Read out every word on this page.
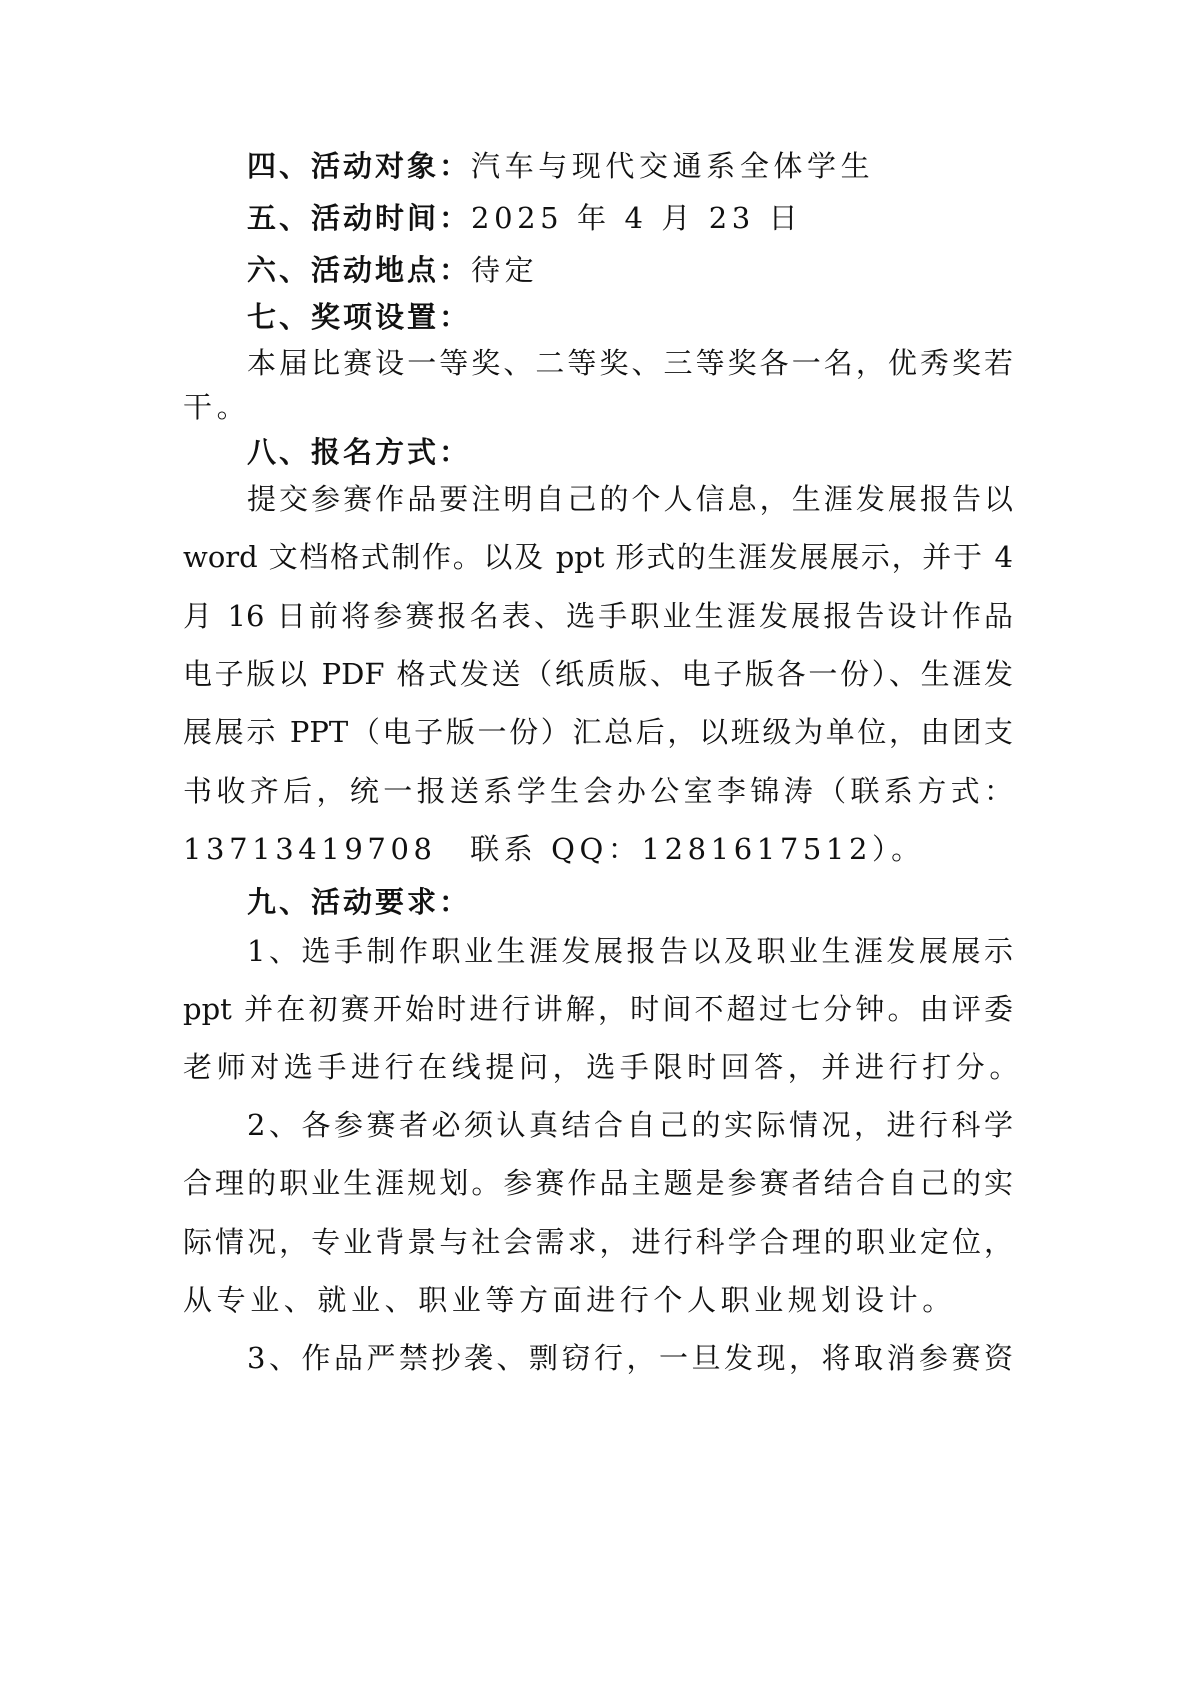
四、活动对象：汽车与现代交通系全体学生
五、活动时间：2025 年 4 月 23 日
六、活动地点：待定
七、奖项设置：
本届比赛设一等奖、二等奖、三等奖各一名，优秀奖若
干。
八、报名方式：
提交参赛作品要注明自己的个人信息，生涯发展报告以
word 文档格式制作。以及 ppt 形式的生涯发展展示，并于 4
月 16 日前将参赛报名表、选手职业生涯发展报告设计作品
电子版以 PDF 格式发送（纸质版、电子版各一份）、生涯发
展展示 PPT（电子版一份）汇总后，以班级为单位，由团支
书收齐后，统一报送系学生会办公室李锦涛（联系方式：
13713419708　联系 QQ：1281617512）。
九、活动要求：
1、选手制作职业生涯发展报告以及职业生涯发展展示
ppt 并在初赛开始时进行讲解，时间不超过七分钟。由评委
老师对选手进行在线提问，选手限时回答，并进行打分。
2、各参赛者必须认真结合自己的实际情况，进行科学
合理的职业生涯规划。参赛作品主题是参赛者结合自己的实
际情况，专业背景与社会需求，进行科学合理的职业定位，
从专业、就业、职业等方面进行个人职业规划设计。
3、作品严禁抄袭、剽窃行，一旦发现，将取消参赛资
